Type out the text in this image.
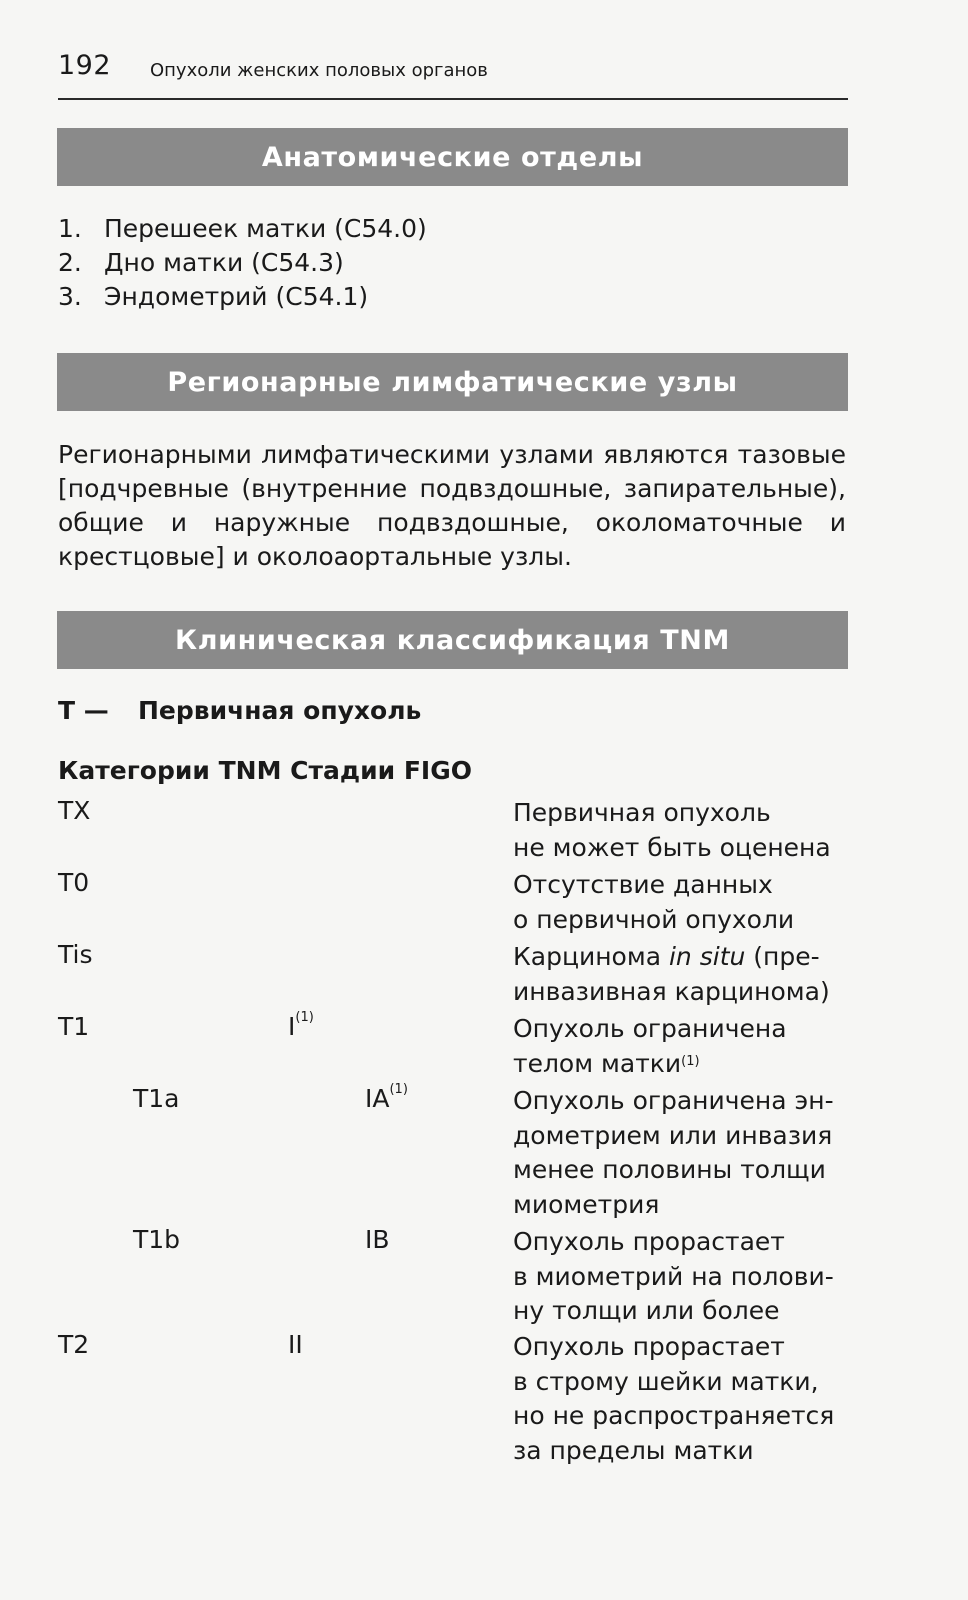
192 Опухоли женских половых органов
Анатомические отделы
1. Перешеек матки (C54.0)
2. Дно матки (C54.3)
3. Эндометрий (C54.1)
Регионарные лимфатические узлы

Регионарными лимфатическими узлами являются тазовые [подчревные (внутренние подвздошные, запирательные), общие и наружные подвздошные, околоматочные и крестцовые] и околоаортальные узлы.

Клиническая классификация TNM
T — Первичная опухоль
Категории TNM Стадии FIGO
TX	Первичная опухоль
не может быть оценена
T0	Отсутствие данных
о первичной опухоли
Tis	Карцинома in situ (пре-
инвазивная карцинома)
T1	$I^{(1)}$	Опухоль ограничена
телом матки$^{(1)}$
T1a	IA$^{(1)}$	Опухоль ограничена эн-
дометрием или инвазия
менее половины толщи
миометрия
T1b	IB	Опухоль прорастает
в миометрий на полови-
ну толщи или более
T2	II	Опухоль прорастает
в строму шейки матки,
но не распространяется
за пределы матки
